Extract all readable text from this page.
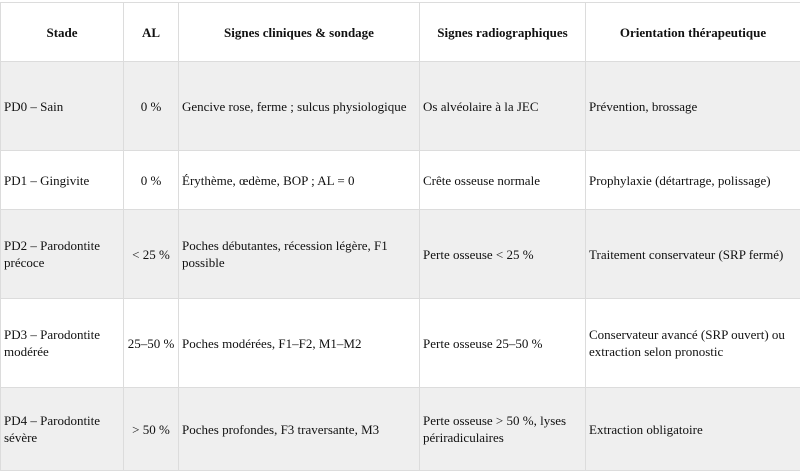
Stade	AL	Signes cliniques & sondage	Signes radiographiques	Orientation thérapeutique
PD0 – Sain	0 %	Gencive rose, ferme ; sulcus physiologique	Os alvéolaire à la JEC	Prévention, brossage
PD1 – Gingivite	0 %	Érythème, œdème, BOP ; AL = 0	Crête osseuse normale	Prophylaxie (détartrage, polissage)
PD2 – Parodontite précoce	< 25 %	Poches débutantes, récession légère, F1 possible	Perte osseuse < 25 %	Traitement conservateur (SRP fermé)
PD3 – Parodontite modérée	25–50 %	Poches modérées, F1–F2, M1–M2	Perte osseuse 25–50 %	Conservateur avancé (SRP ouvert) ou extraction selon pronostic
PD4 – Parodontite sévère	> 50 %	Poches profondes, F3 traversante, M3	Perte osseuse > 50 %, lyses périradiculaires	Extraction obligatoire
